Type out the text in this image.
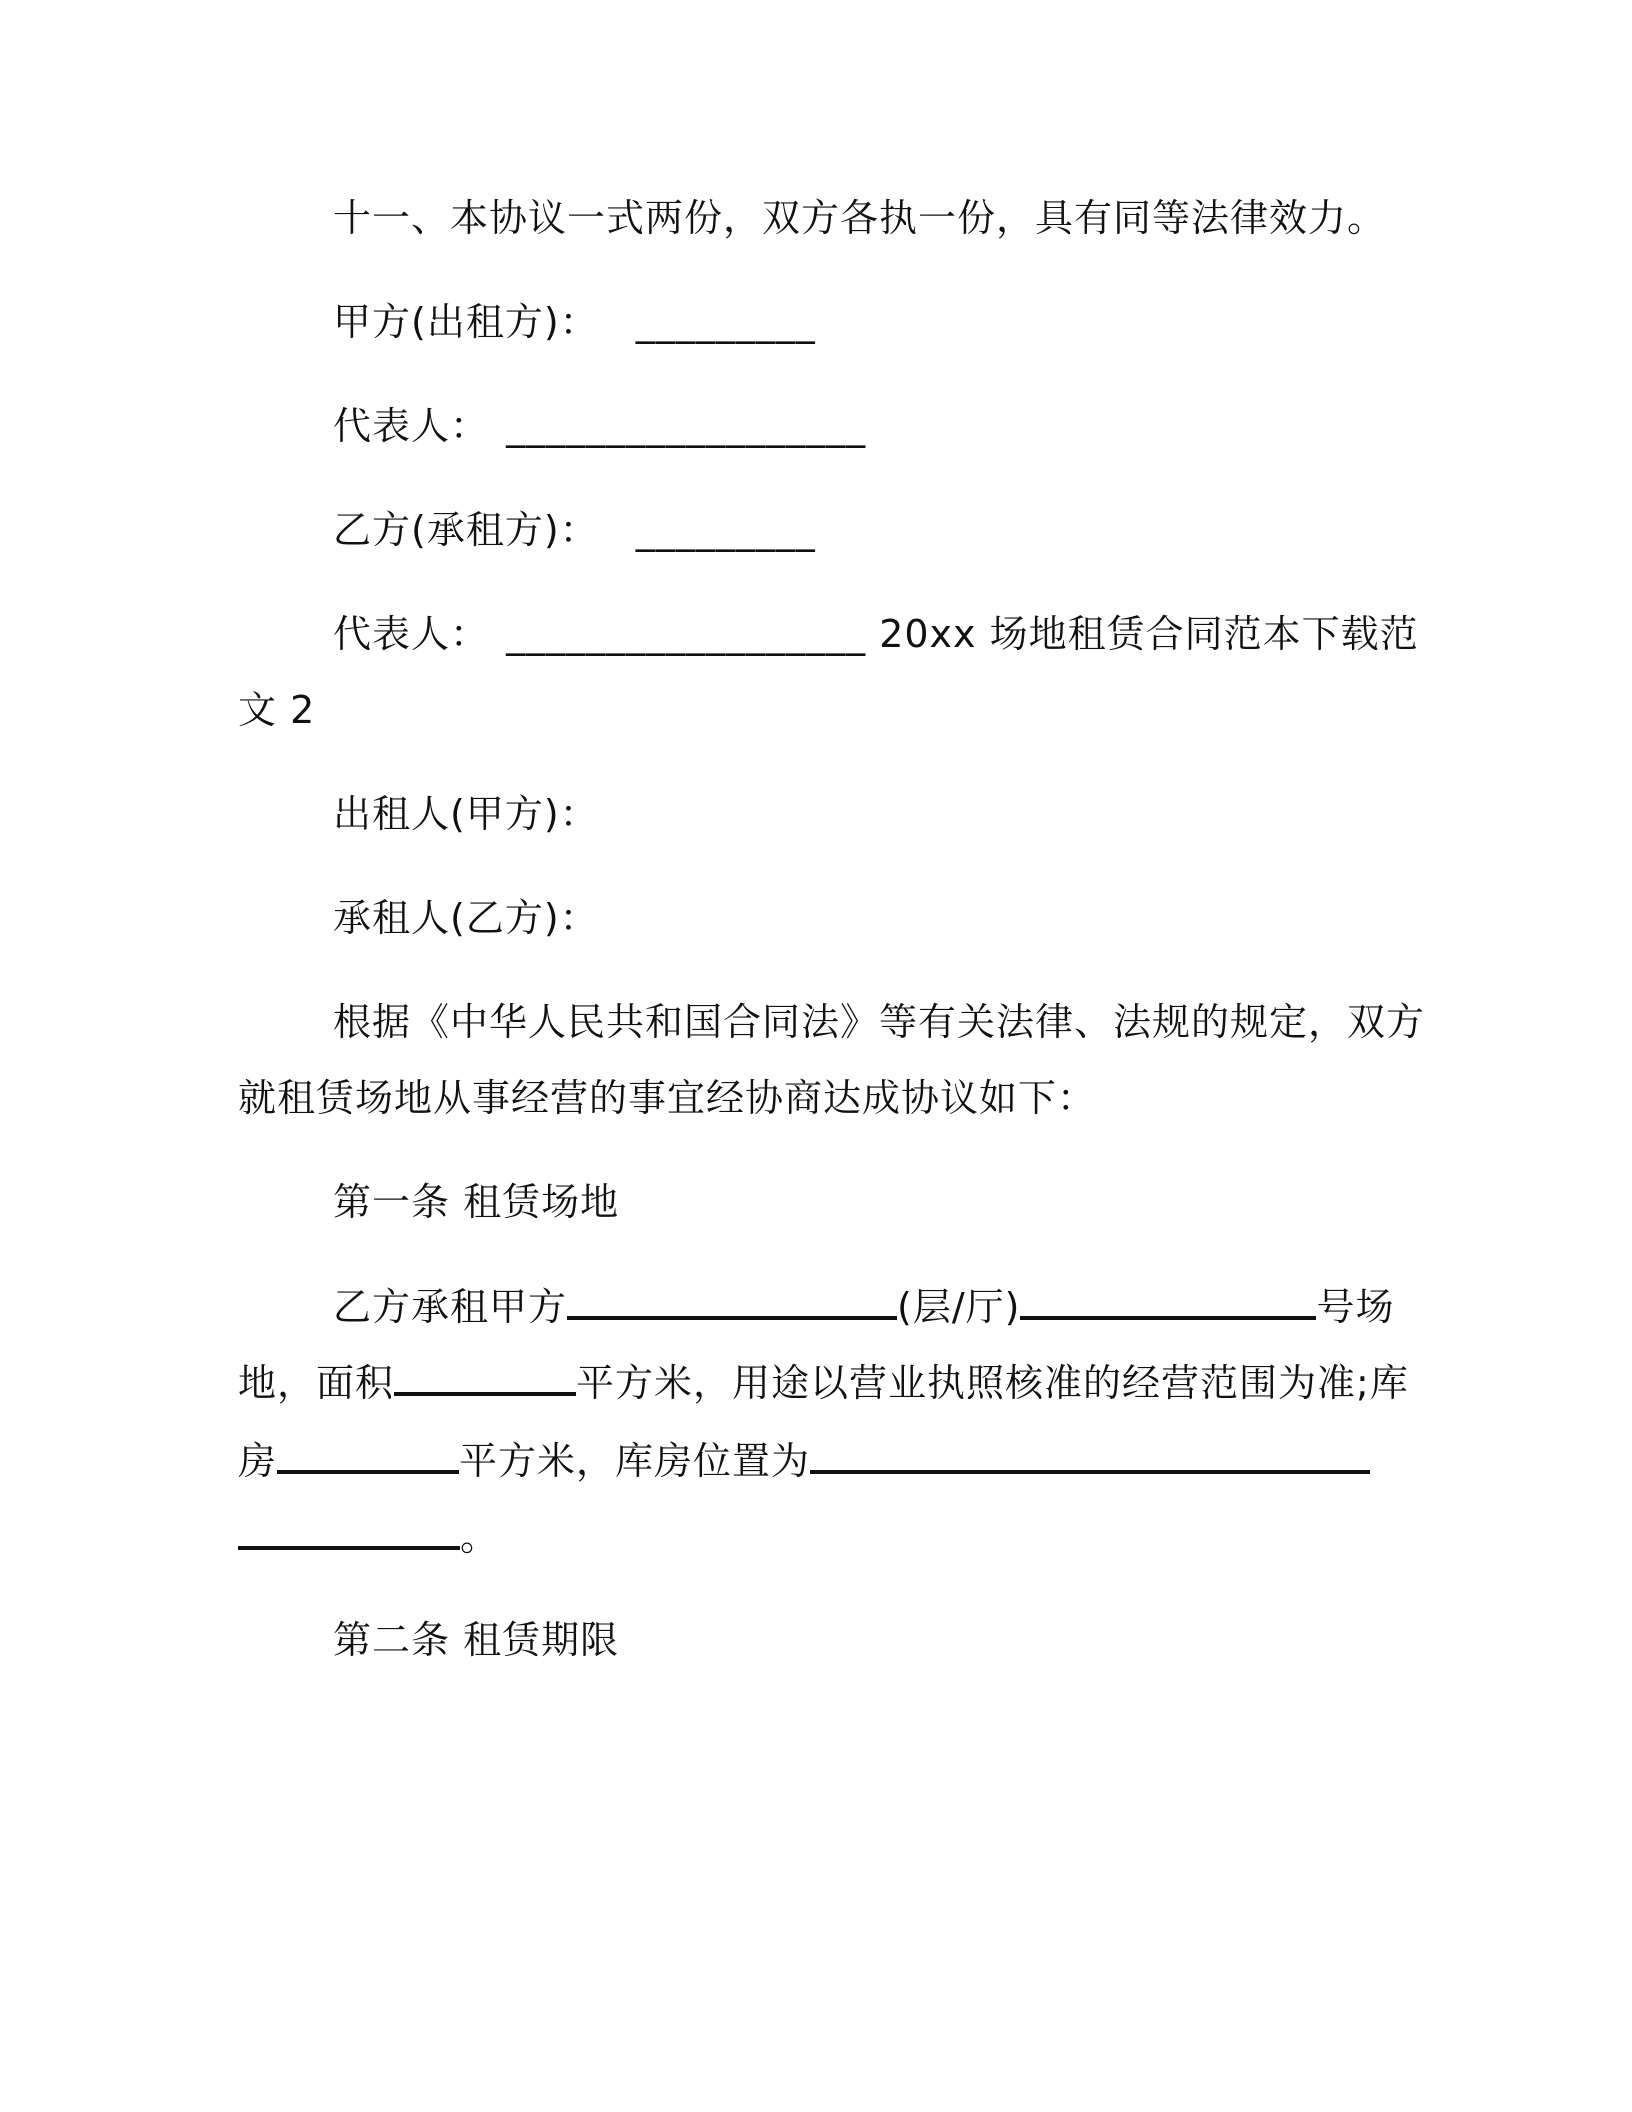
十一、本协议一式两份，双方各执一份，具有同等法律效力。
甲方(出租方)： _________
代表人： __________________
乙方(承租方)： _________
代表人： __________________ 20xx 场地租赁合同范本下载范
文 2
出租人(甲方)：
承租人(乙方)：
根据《中华人民共和国合同法》等有关法律、法规的规定，双方
就租赁场地从事经营的事宜经协商达成协议如下：
第一条 租赁场地
乙方承租甲方	(层/厅)	号场
地，面积	平方米，用途以营业执照核准的经营范围为准;库
房	平方米，库房位置为
。
第二条 租赁期限
